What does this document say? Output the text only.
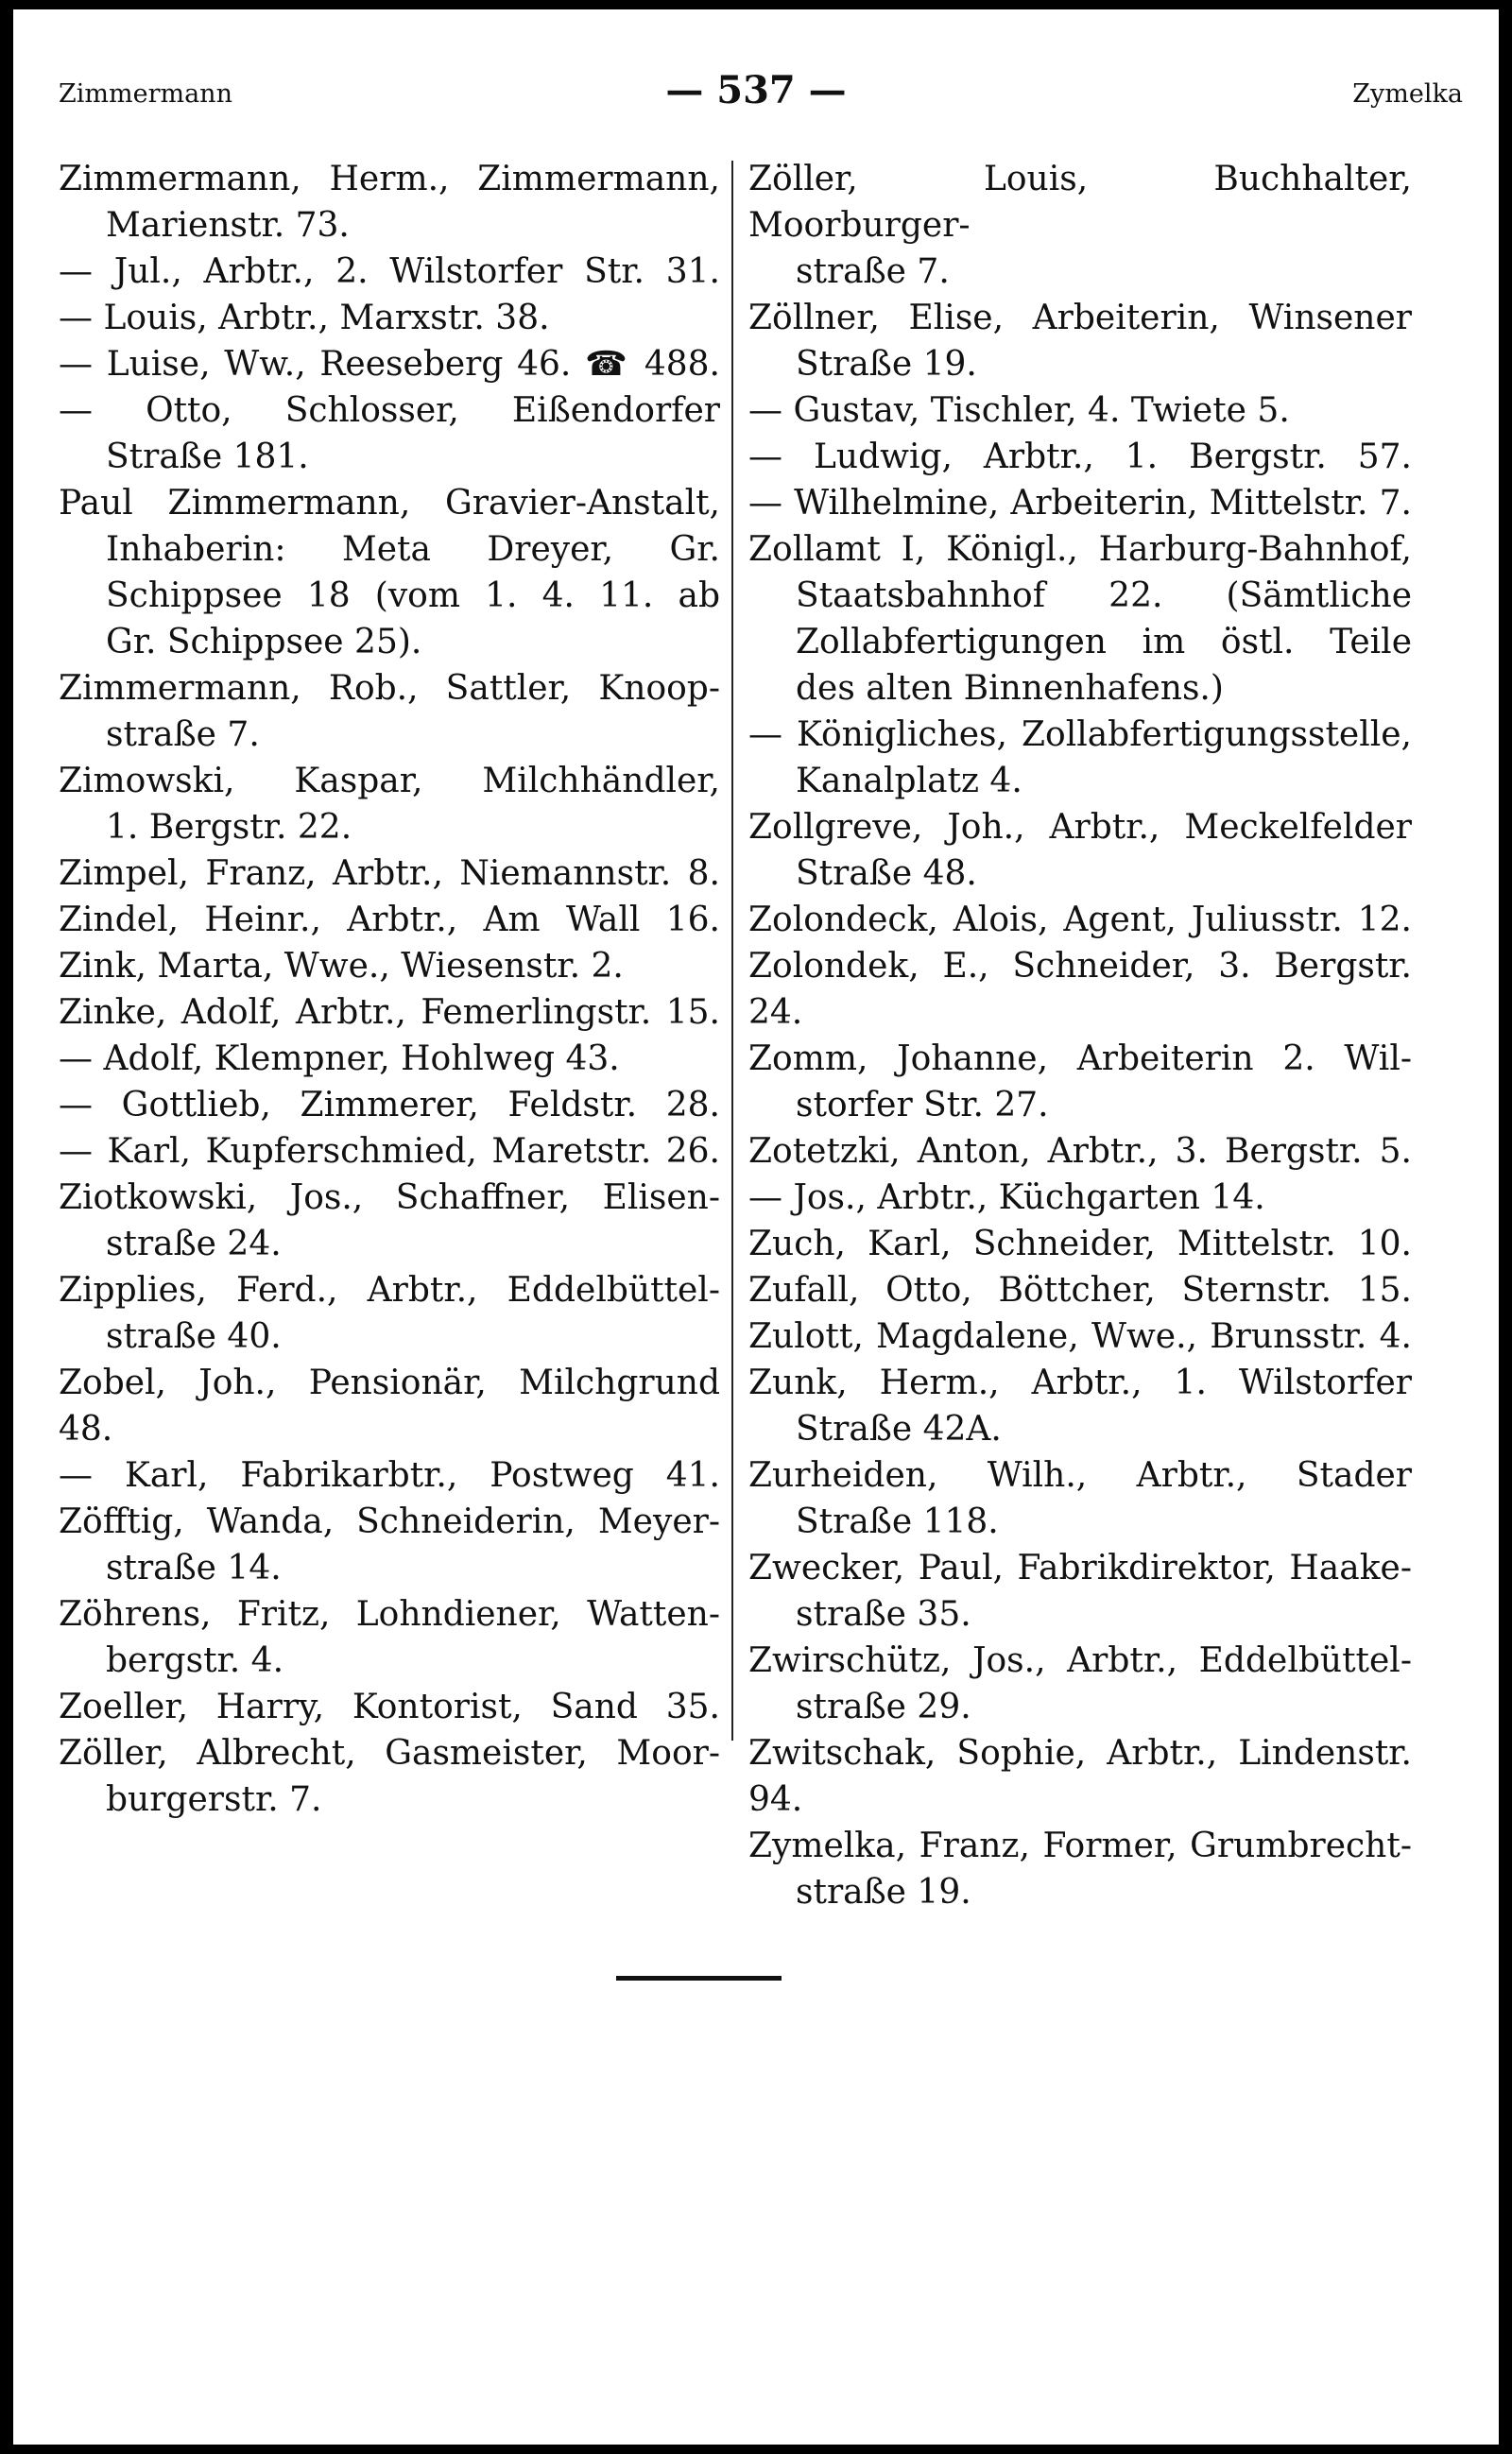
Zimmermann	— 537 —	Zymelka

Zimmermann, Herm., Zimmermann,

Marienstr. 73.

— Jul., Arbtr., 2. Wilstorfer Str. 31.

— Louis, Arbtr., Marxstr. 38.

— Luise, Ww., Reeseberg 46. ☎ 488.

— Otto, Schlosser, Eißendorfer

Straße 181.

Paul Zimmermann, Gravier-Anstalt,

Inhaberin: Meta Dreyer, Gr.

Schippsee 18 (vom 1. 4. 11. ab

Gr. Schippsee 25).

Zimmermann, Rob., Sattler, Knoop-

straße 7.

Zimowski, Kaspar, Milchhändler,

1. Bergstr. 22.

Zimpel, Franz, Arbtr., Niemannstr. 8.

Zindel, Heinr., Arbtr., Am Wall 16.

Zink, Marta, Wwe., Wiesenstr. 2.

Zinke, Adolf, Arbtr., Femerlingstr. 15.

— Adolf, Klempner, Hohlweg 43.

— Gottlieb, Zimmerer, Feldstr. 28.

— Karl, Kupferschmied, Maretstr. 26.

Ziotkowski, Jos., Schaffner, Elisen-

straße 24.

Zipplies, Ferd., Arbtr., Eddelbüttel-

straße 40.

Zobel, Joh., Pensionär, Milchgrund 48.

— Karl, Fabrikarbtr., Postweg 41.

Zöfftig, Wanda, Schneiderin, Meyer-

straße 14.

Zöhrens, Fritz, Lohndiener, Watten-

bergstr. 4.

Zoeller, Harry, Kontorist, Sand 35.

Zöller, Albrecht, Gasmeister, Moor-

burgerstr. 7.

Zöller, Louis, Buchhalter, Moorburger-

straße 7.

Zöllner, Elise, Arbeiterin, Winsener

Straße 19.

— Gustav, Tischler, 4. Twiete 5.

— Ludwig, Arbtr., 1. Bergstr. 57.

— Wilhelmine, Arbeiterin, Mittelstr. 7.

Zollamt I, Königl., Harburg-Bahnhof,

Staatsbahnhof 22. (Sämtliche

Zollabfertigungen im östl. Teile

des alten Binnenhafens.)

— Königliches, Zollabfertigungsstelle,

Kanalplatz 4.

Zollgreve, Joh., Arbtr., Meckelfelder

Straße 48.

Zolondeck, Alois, Agent, Juliusstr. 12.

Zolondek, E., Schneider, 3. Bergstr. 24.

Zomm, Johanne, Arbeiterin 2. Wil-

storfer Str. 27.

Zotetzki, Anton, Arbtr., 3. Bergstr. 5.

— Jos., Arbtr., Küchgarten 14.

Zuch, Karl, Schneider, Mittelstr. 10.

Zufall, Otto, Böttcher, Sternstr. 15.

Zulott, Magdalene, Wwe., Brunsstr. 4.

Zunk, Herm., Arbtr., 1. Wilstorfer

Straße 42A.

Zurheiden, Wilh., Arbtr., Stader

Straße 118.

Zwecker, Paul, Fabrikdirektor, Haake-

straße 35.

Zwirschütz, Jos., Arbtr., Eddelbüttel-

straße 29.

Zwitschak, Sophie, Arbtr., Lindenstr. 94.

Zymelka, Franz, Former, Grumbrecht-

straße 19.
